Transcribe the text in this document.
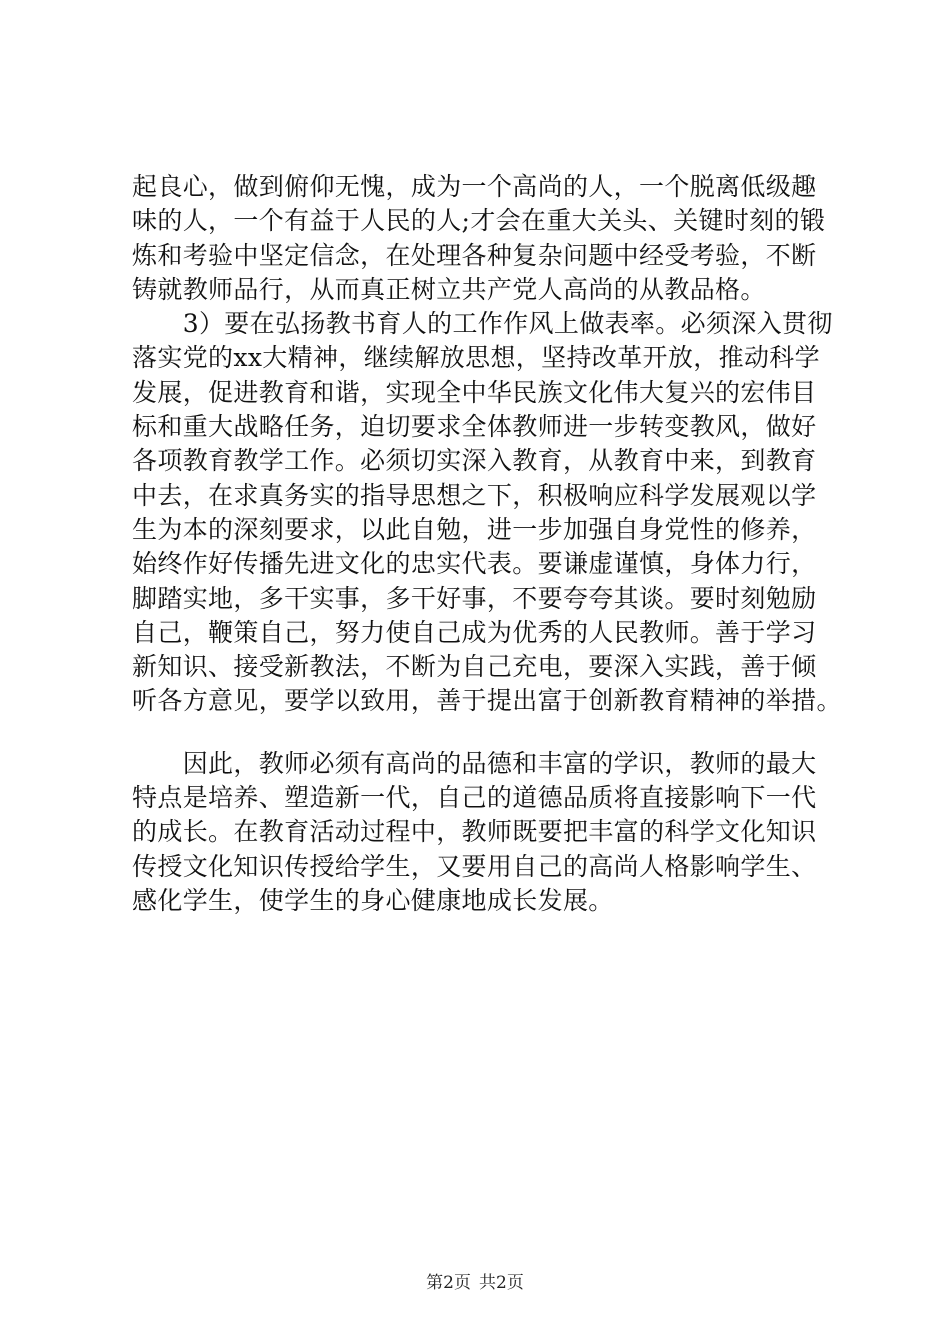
起良心，做到俯仰无愧，成为一个高尚的人，一个脱离低级趣
味的人，一个有益于人民的人;才会在重大关头、关键时刻的锻
炼和考验中坚定信念，在处理各种复杂问题中经受考验，不断
铸就教师品行，从而真正树立共产党人高尚的从教品格。
　　3）要在弘扬教书育人的工作作风上做表率。必须深入贯彻
落实党的xx大精神，继续解放思想，坚持改革开放，推动科学
发展，促进教育和谐，实现全中华民族文化伟大复兴的宏伟目
标和重大战略任务，迫切要求全体教师进一步转变教风，做好
各项教育教学工作。必须切实深入教育，从教育中来，到教育
中去，在求真务实的指导思想之下，积极响应科学发展观以学
生为本的深刻要求，以此自勉，进一步加强自身党性的修养，
始终作好传播先进文化的忠实代表。要谦虚谨慎，身体力行，
脚踏实地，多干实事，多干好事，不要夸夸其谈。要时刻勉励
自己，鞭策自己，努力使自己成为优秀的人民教师。善于学习
新知识、接受新教法，不断为自己充电，要深入实践，善于倾
听各方意见，要学以致用，善于提出富于创新教育精神的举措。
　　因此，教师必须有高尚的品德和丰富的学识，教师的最大
特点是培养、塑造新一代，自己的道德品质将直接影响下一代
的成长。在教育活动过程中，教师既要把丰富的科学文化知识
传授文化知识传授给学生，又要用自己的高尚人格影响学生、
感化学生，使学生的身心健康地成长发展。
第2页 共2页
